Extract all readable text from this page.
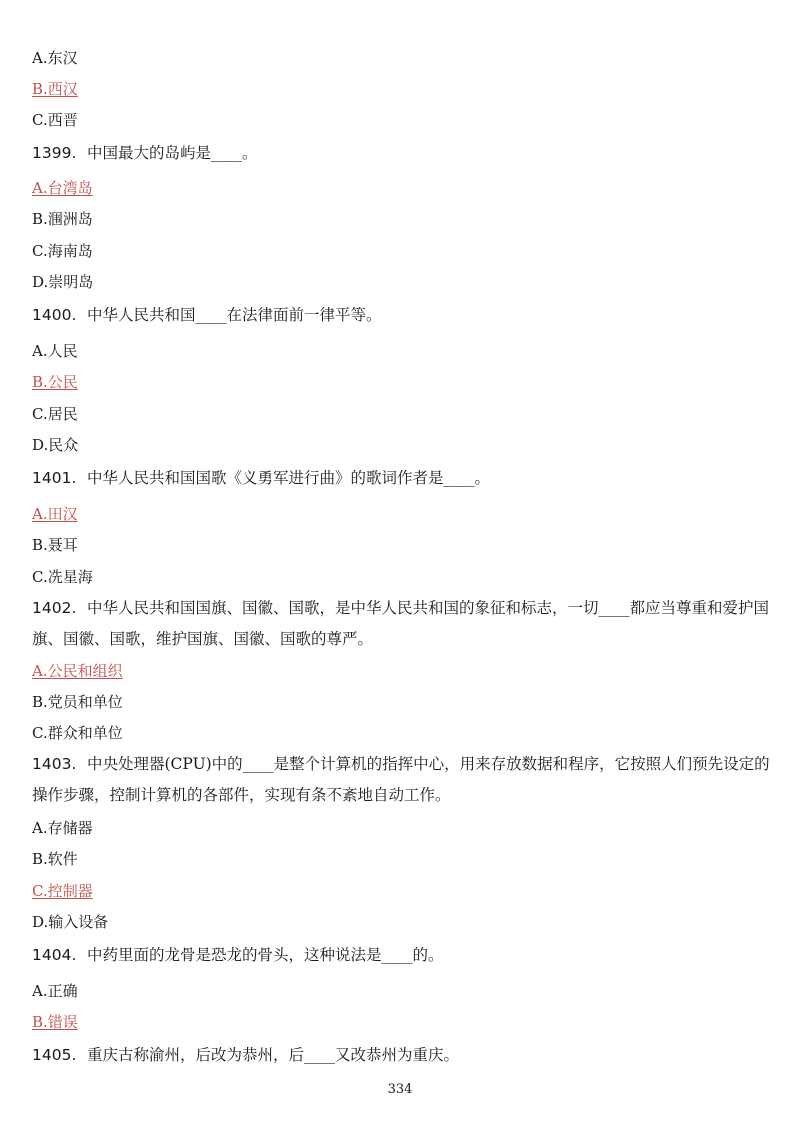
A.东汉
B.西汉
C.西晋
1399. 中国最大的岛屿是____。
A.台湾岛
B.涠洲岛
C.海南岛
D.崇明岛
1400. 中华人民共和国____在法律面前一律平等。
A.人民
B.公民
C.居民
D.民众
1401. 中华人民共和国国歌《义勇军进行曲》的歌词作者是____。
A.田汉
B.聂耳
C.冼星海
1402. 中华人民共和国国旗、国徽、国歌，是中华人民共和国的象征和标志，一切____都应当尊重和爱护国旗、国徽、国歌，维护国旗、国徽、国歌的尊严。
A.公民和组织
B.党员和单位
C.群众和单位
1403. 中央处理器(CPU)中的____是整个计算机的指挥中心，用来存放数据和程序，它按照人们预先设定的操作步骤，控制计算机的各部件，实现有条不紊地自动工作。
A.存储器
B.软件
C.控制器
D.输入设备
1404. 中药里面的龙骨是恐龙的骨头，这种说法是____的。
A.正确
B.错误
1405. 重庆古称渝州，后改为恭州，后____又改恭州为重庆。
334
